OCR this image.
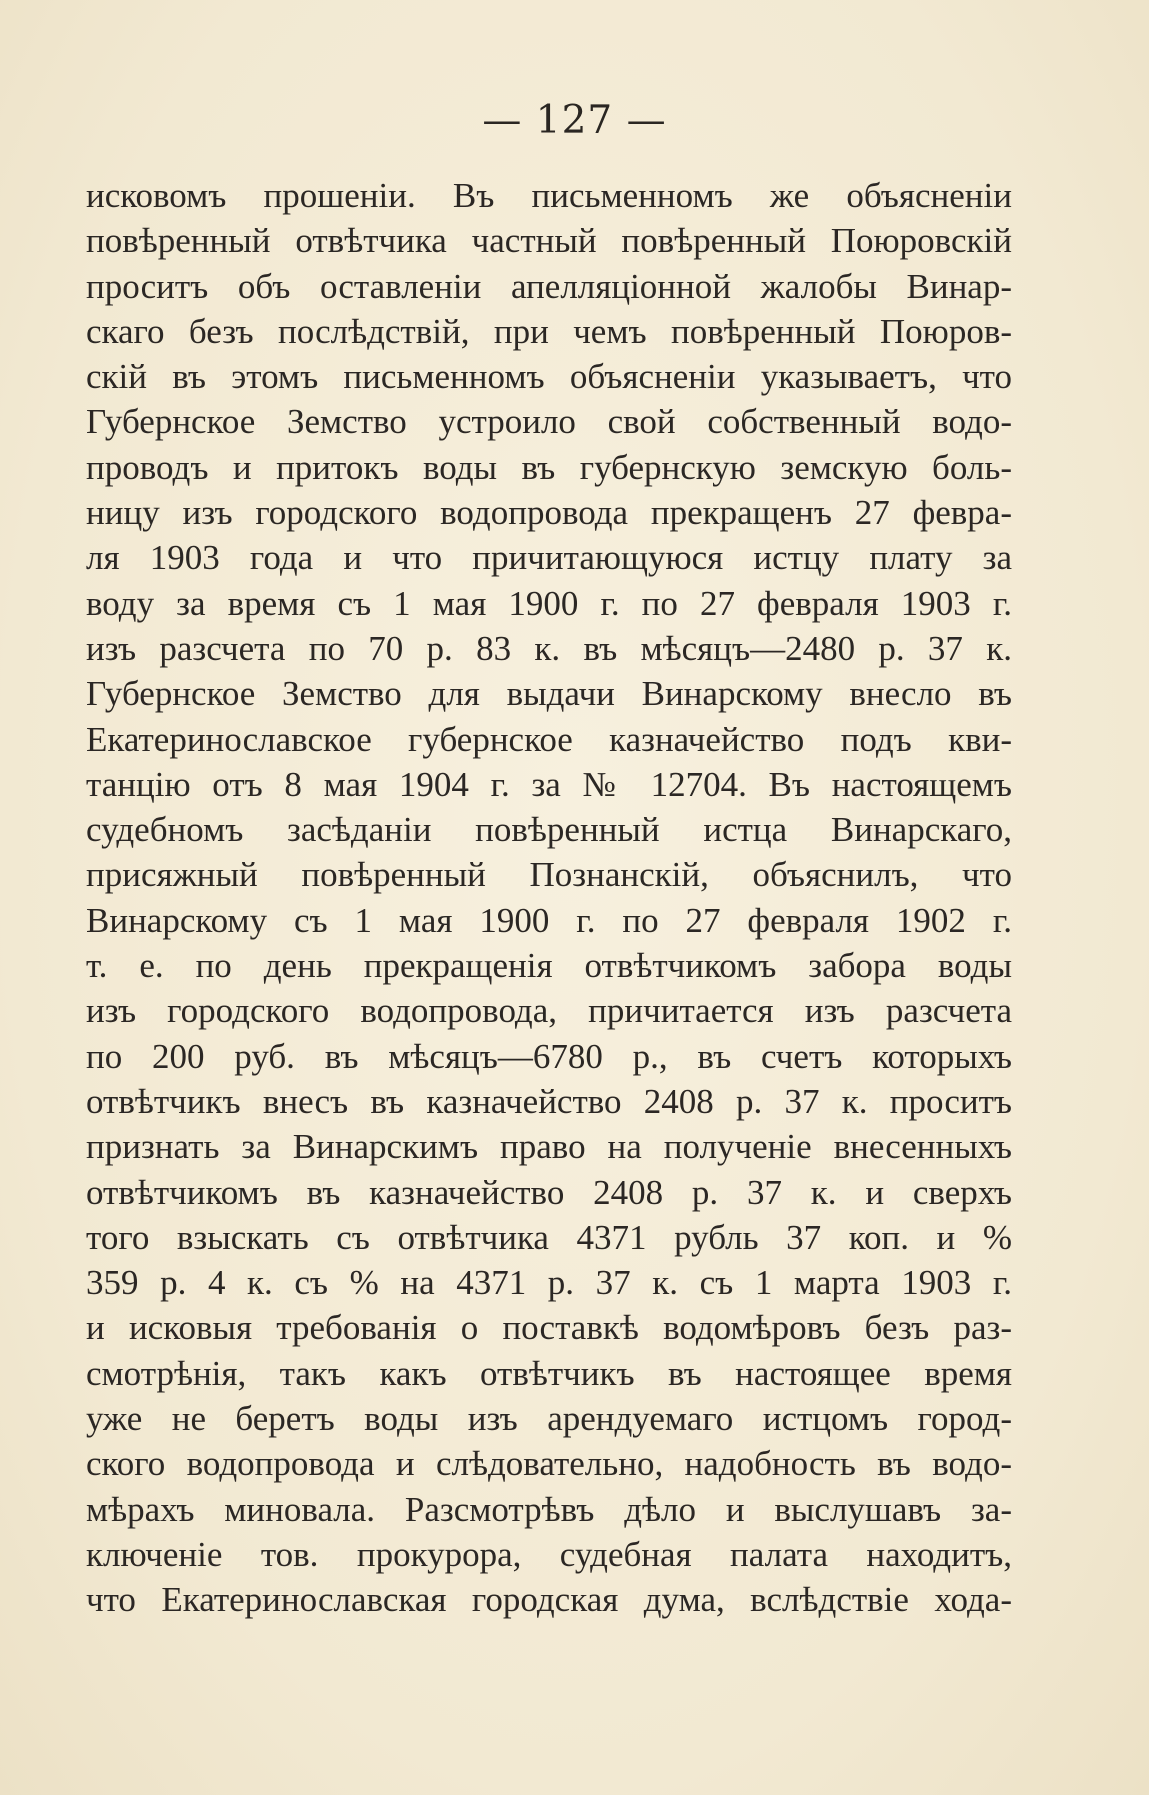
— 127 —
исковомъ прошенiи. Въ письменномъ же объясненiи
повѣренный отвѣтчика частный повѣренный Поюровскiй
проситъ объ оставленiи апелляцiонной жалобы Винар-
скаго безъ послѣдствiй, при чемъ повѣренный Поюров-
скiй въ этомъ письменномъ объясненiи указываетъ, что
Губернское Земство устроило свой собственный водо-
проводъ и притокъ воды въ губернскую земскую боль-
ницу изъ городского водопровода прекращенъ 27 февра-
ля 1903 года и что причитающуюся истцу плату за
воду за время съ 1 мая 1900 г. по 27 февраля 1903 г.
изъ разсчета по 70 р. 83 к. въ мѣсяцъ—2480 р. 37 к.
Губернское Земство для выдачи Винарскому внесло въ
Екатеринославское губернское казначейство подъ кви-
танцiю отъ 8 мая 1904 г. за № 12704. Въ настоящемъ
судебномъ засѣданiи повѣренный истца Винарскаго,
присяжный повѣренный Познанскiй, объяснилъ, что
Винарскому съ 1 мая 1900 г. по 27 февраля 1902 г.
т. е. по день прекращенiя отвѣтчикомъ забора воды
изъ городского водопровода, причитается изъ разсчета
по 200 руб. въ мѣсяцъ—6780 р., въ счетъ которыхъ
отвѣтчикъ внесъ въ казначейство 2408 р. 37 к. проситъ
признать за Винарскимъ право на полученiе внесенныхъ
отвѣтчикомъ въ казначейство 2408 р. 37 к. и сверхъ
того взыскать съ отвѣтчика 4371 рубль 37 коп. и %
359 р. 4 к. съ % на 4371 р. 37 к. съ 1 марта 1903 г.
и исковыя требованiя о поставкѣ водомѣровъ безъ раз-
смотрѣнiя, такъ какъ отвѣтчикъ въ настоящее время
уже не беретъ воды изъ арендуемаго истцомъ город-
ского водопровода и слѣдовательно, надобность въ водо-
мѣрахъ миновала. Разсмотрѣвъ дѣло и выслушавъ за-
ключенiе тов. прокурора, судебная палата находитъ,
что Екатеринославская городская дума, вслѣдствiе хода-
